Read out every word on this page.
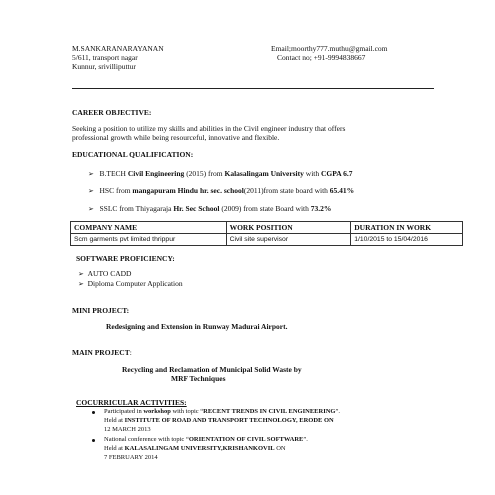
M.SANKARANARAYANAN
5/611, transport nagar
Kunnur, srivilliputtur
Email;moorthy777.muthu@gmail.com
Contact no; +91-9994838667
CAREER OBJECTIVE:
Seeking a position to utilize my skills and abilities in the Civil engineer industry that offers
professional growth while being resourceful, innovative and flexible.
EDUCATIONAL QUALIFICATION:
➢ B.TECH Civil Engineering (2015) from Kalasalingam University with CGPA 6.7
➢ HSC from mangapuram Hindu hr. sec. school(2011)from state board with 65.41%
➢ SSLC from Thiyagaraja Hr. Sec School (2009) from state Board with 73.2%
COMPANY NAME	WORK POSITION	DURATION IN WORK
Scm garments pvt limited thrippur	Civil site supervisor	1/10/2015 to 15/04/2016
SOFTWARE PROFICIENCY:
➢ AUTO CADD
➢ Diploma Computer Application
MINI PROJECT:
Redesigning and Extension in Runway Madurai Airport.
MAIN PROJECT:
Recycling and Reclamation of Municipal Solid Waste by
MRF Techniques
COCURRICULAR ACTIVITIES:
Participated in workshop with topic “RECENT TRENDS IN CIVIL ENGINEERING”.
Held at INSTITUTE OF ROAD AND TRANSPORT TECHNOLOGY, ERODE ON
12 MARCH 2013
National conference with topic “ORIENTATION OF CIVIL SOFTWARE”.
Held at KALASALINGAM UNIVERSITY,KRISHANKOVIL ON
7 FEBRUARY 2014
